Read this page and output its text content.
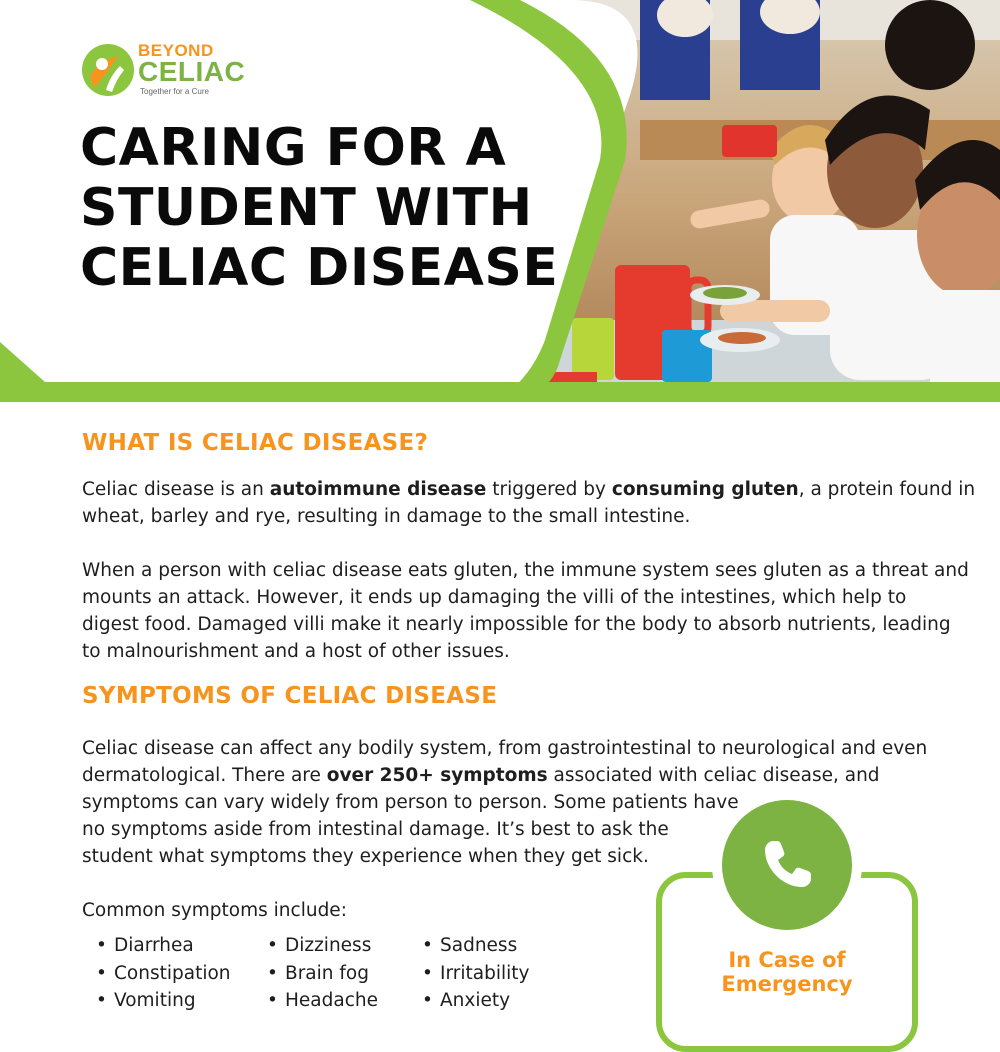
BEYOND
CELIAC
Together for a Cure
CARING FOR A
STUDENT WITH
CELIAC DISEASE
WHAT IS CELIAC DISEASE?
Celiac disease is an autoimmune disease triggered by consuming gluten, a protein found in
wheat, barley and rye, resulting in damage to the small intestine.
When a person with celiac disease eats gluten, the immune system sees gluten as a threat and
mounts an attack. However, it ends up damaging the villi of the intestines, which help to
digest food. Damaged villi make it nearly impossible for the body to absorb nutrients, leading
to malnourishment and a host of other issues.
SYMPTOMS OF CELIAC DISEASE
Celiac disease can affect any bodily system, from gastrointestinal to neurological and even
dermatological. There are over 250+ symptoms associated with celiac disease, and
symptoms can vary widely from person to person. Some patients have
no symptoms aside from intestinal damage. It’s best to ask the
student what symptoms they experience when they get sick.
Common symptoms include:
• Diarrhea
• Constipation
• Vomiting
• Dizziness
• Brain fog
• Headache
• Sadness
• Irritability
• Anxiety
In Case of
Emergency
